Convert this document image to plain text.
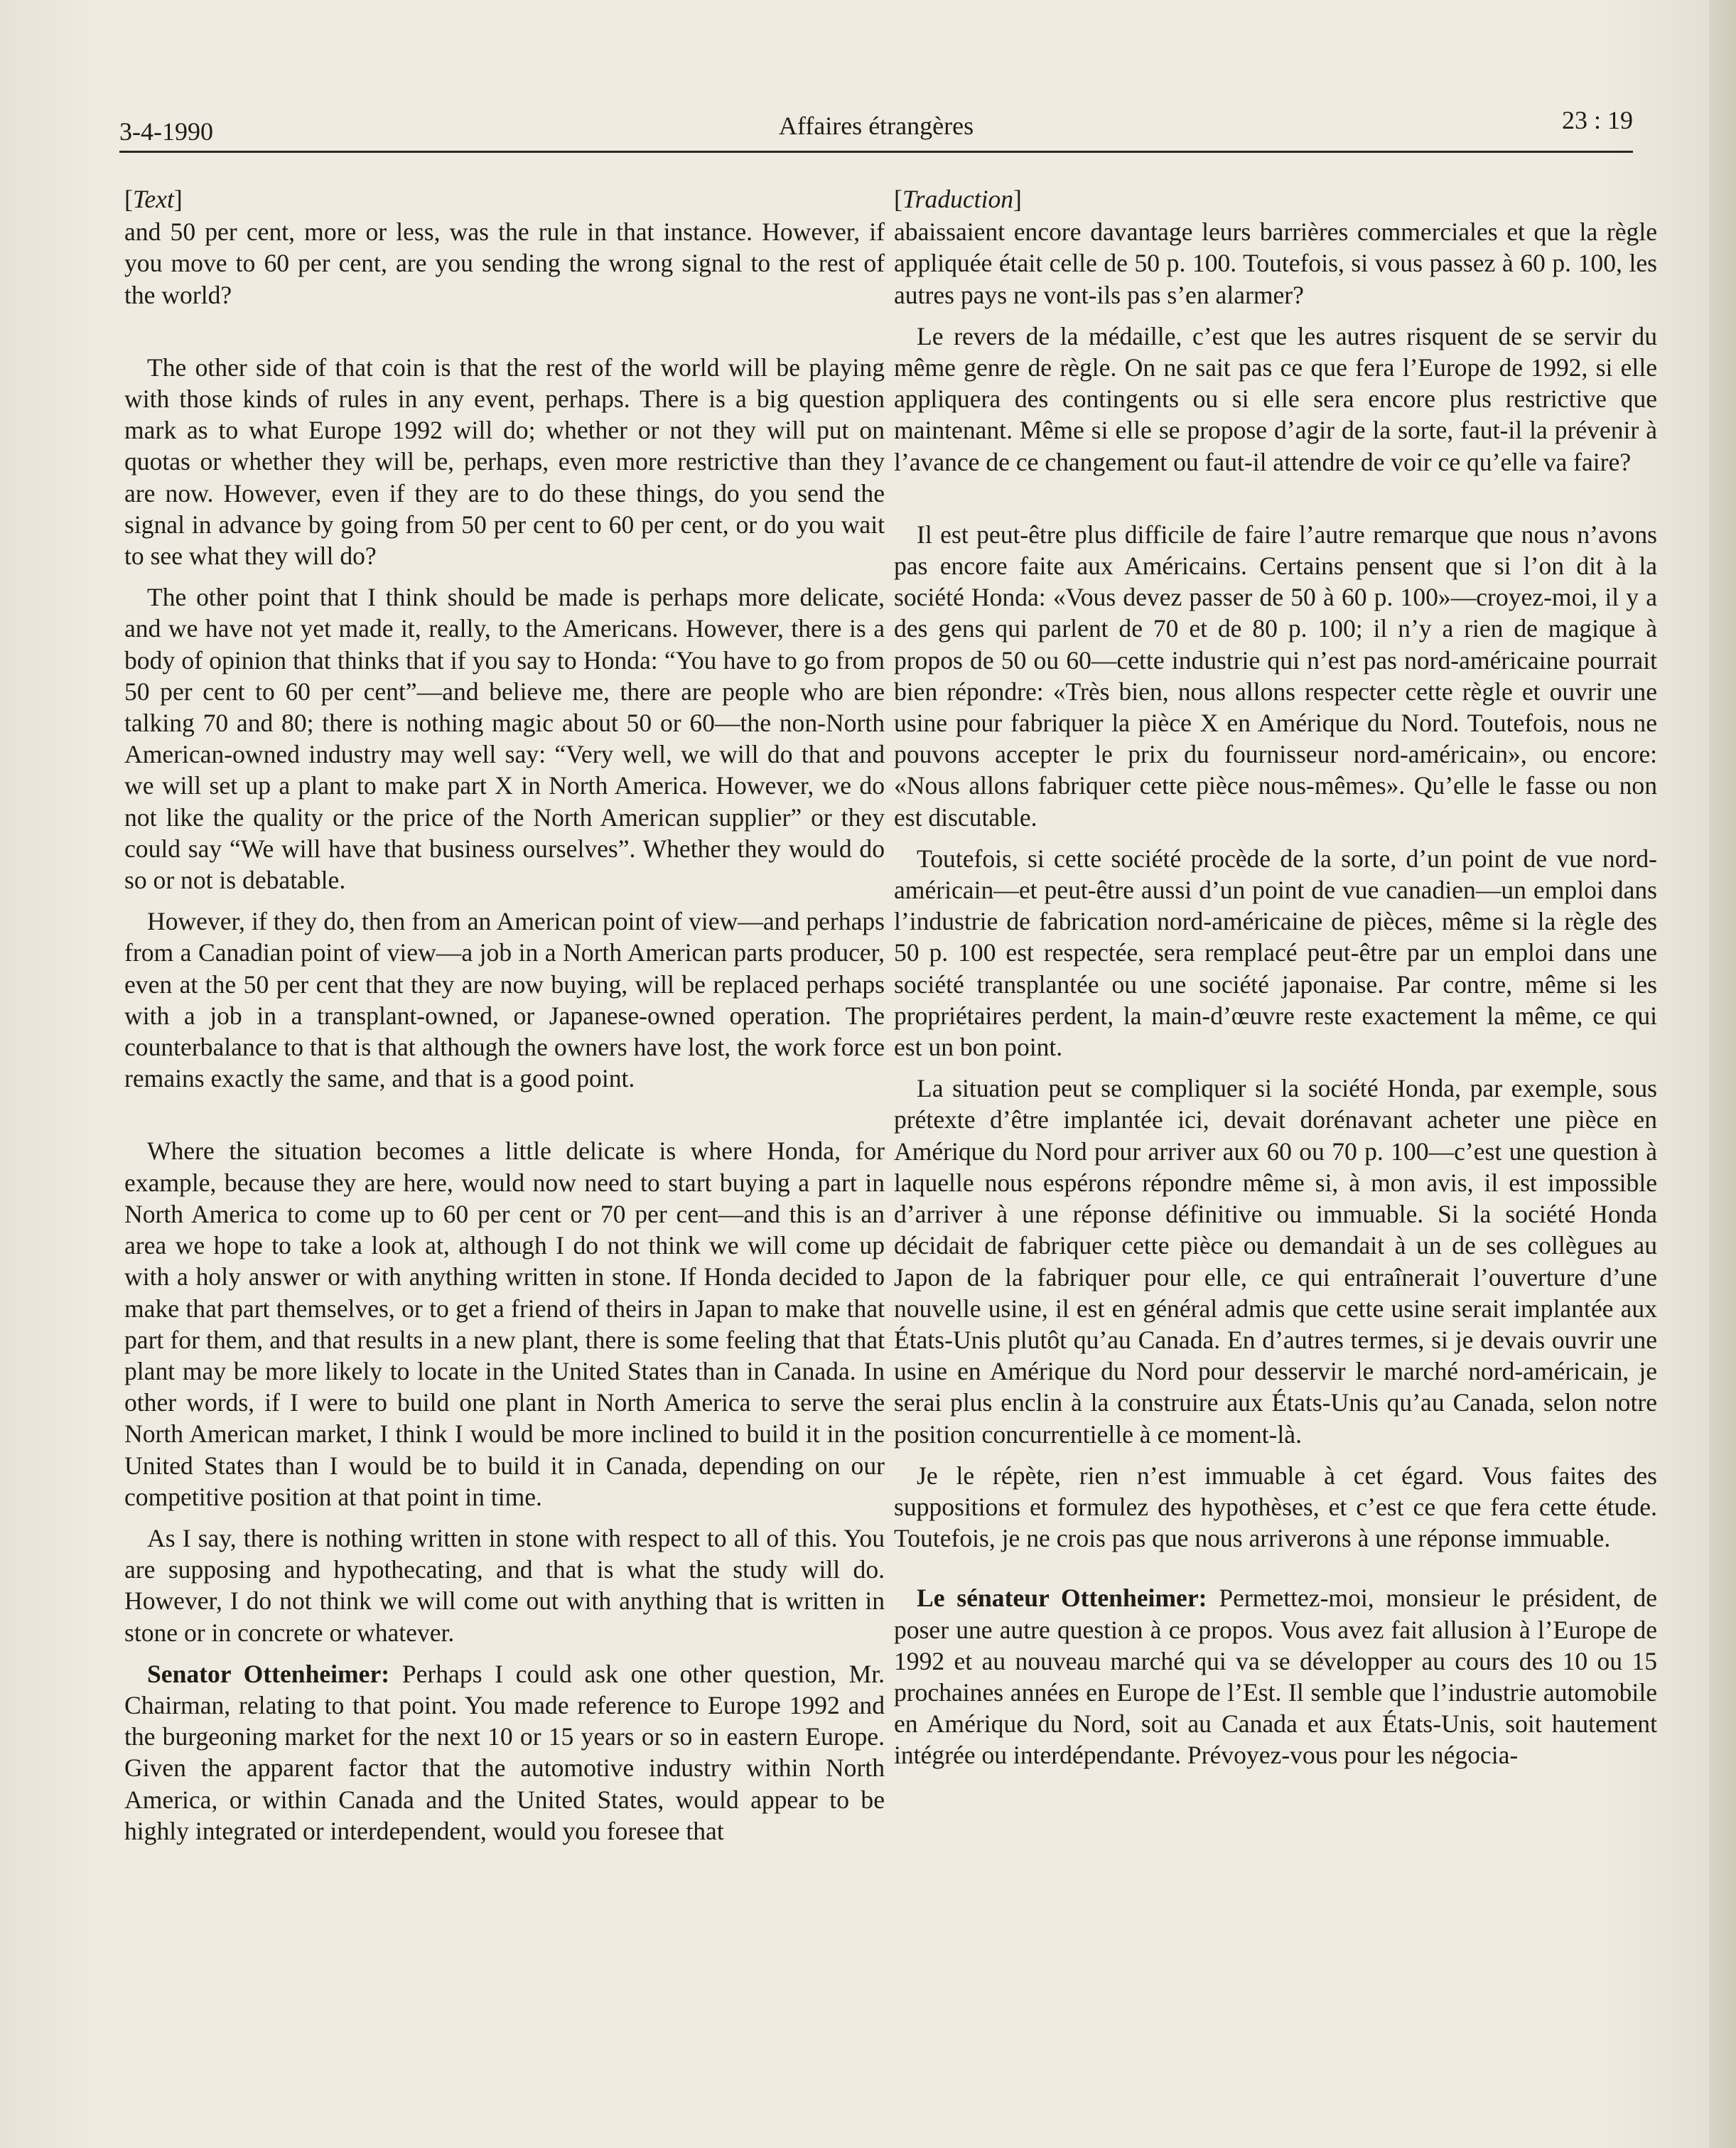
3-4-1990	Affaires étrangères	23 : 19
[Text]

and 50 per cent, more or less, was the rule in that instance. However, if you move to 60 per cent, are you sending the wrong signal to the rest of the world?

The other side of that coin is that the rest of the world will be playing with those kinds of rules in any event, perhaps. There is a big question mark as to what Europe 1992 will do; whether or not they will put on quotas or whether they will be, perhaps, even more restrictive than they are now. However, even if they are to do these things, do you send the signal in advance by going from 50 per cent to 60 per cent, or do you wait to see what they will do?

The other point that I think should be made is perhaps more delicate, and we have not yet made it, really, to the Americans. However, there is a body of opinion that thinks that if you say to Honda: “You have to go from 50 per cent to 60 per cent”—and believe me, there are people who are talking 70 and 80; there is nothing magic about 50 or 60—the non-North American-owned industry may well say: “Very well, we will do that and we will set up a plant to make part X in North America. However, we do not like the quality or the price of the North American supplier” or they could say “We will have that business ourselves”. Whether they would do so or not is debatable.

However, if they do, then from an American point of view—and perhaps from a Canadian point of view—a job in a North American parts producer, even at the 50 per cent that they are now buying, will be replaced perhaps with a job in a transplant-owned, or Japanese-owned operation. The counterbalance to that is that although the owners have lost, the work force remains exactly the same, and that is a good point.

Where the situation becomes a little delicate is where Honda, for example, because they are here, would now need to start buying a part in North America to come up to 60 per cent or 70 per cent—and this is an area we hope to take a look at, although I do not think we will come up with a holy answer or with anything written in stone. If Honda decided to make that part themselves, or to get a friend of theirs in Japan to make that part for them, and that results in a new plant, there is some feeling that that plant may be more likely to locate in the United States than in Canada. In other words, if I were to build one plant in North America to serve the North American market, I think I would be more inclined to build it in the United States than I would be to build it in Canada, depending on our competitive position at that point in time.

As I say, there is nothing written in stone with respect to all of this. You are supposing and hypothecating, and that is what the study will do. However, I do not think we will come out with anything that is written in stone or in concrete or whatever.

Senator Ottenheimer: Perhaps I could ask one other question, Mr. Chairman, relating to that point. You made reference to Europe 1992 and the burgeoning market for the next 10 or 15 years or so in eastern Europe. Given the apparent factor that the automotive industry within North America, or within Canada and the United States, would appear to be highly integrated or interdependent, would you foresee that

[Traduction]

abaissaient encore davantage leurs barrières commerciales et que la règle appliquée était celle de 50 p. 100. Toutefois, si vous passez à 60 p. 100, les autres pays ne vont-ils pas s’en alarmer?

Le revers de la médaille, c’est que les autres risquent de se servir du même genre de règle. On ne sait pas ce que fera l’Europe de 1992, si elle appliquera des contingents ou si elle sera encore plus restrictive que maintenant. Même si elle se propose d’agir de la sorte, faut-il la prévenir à l’avance de ce changement ou faut-il attendre de voir ce qu’elle va faire?

Il est peut-être plus difficile de faire l’autre remarque que nous n’avons pas encore faite aux Américains. Certains pensent que si l’on dit à la société Honda: «Vous devez passer de 50 à 60 p. 100»—croyez-moi, il y a des gens qui parlent de 70 et de 80 p. 100; il n’y a rien de magique à propos de 50 ou 60—cette industrie qui n’est pas nord-américaine pourrait bien répondre: «Très bien, nous allons respecter cette règle et ouvrir une usine pour fabriquer la pièce X en Amérique du Nord. Toutefois, nous ne pouvons accepter le prix du fournisseur nord-américain», ou encore: «Nous allons fabriquer cette pièce nous-mêmes». Qu’elle le fasse ou non est discutable.

Toutefois, si cette société procède de la sorte, d’un point de vue nord-américain—et peut-être aussi d’un point de vue canadien—un emploi dans l’industrie de fabrication nord-américaine de pièces, même si la règle des 50 p. 100 est respectée, sera remplacé peut-être par un emploi dans une société transplantée ou une société japonaise. Par contre, même si les propriétaires perdent, la main-d’œuvre reste exactement la même, ce qui est un bon point.

La situation peut se compliquer si la société Honda, par exemple, sous prétexte d’être implantée ici, devait dorénavant acheter une pièce en Amérique du Nord pour arriver aux 60 ou 70 p. 100—c’est une question à laquelle nous espérons répondre même si, à mon avis, il est impossible d’arriver à une réponse définitive ou immuable. Si la société Honda décidait de fabriquer cette pièce ou demandait à un de ses collègues au Japon de la fabriquer pour elle, ce qui entraînerait l’ouverture d’une nouvelle usine, il est en général admis que cette usine serait implantée aux États-Unis plutôt qu’au Canada. En d’autres termes, si je devais ouvrir une usine en Amérique du Nord pour desservir le marché nord-américain, je serai plus enclin à la construire aux États-Unis qu’au Canada, selon notre position concurrentielle à ce moment-là.

Je le répète, rien n’est immuable à cet égard. Vous faites des suppositions et formulez des hypothèses, et c’est ce que fera cette étude. Toutefois, je ne crois pas que nous arriverons à une réponse immuable.

Le sénateur Ottenheimer: Permettez-moi, monsieur le président, de poser une autre question à ce propos. Vous avez fait allusion à l’Europe de 1992 et au nouveau marché qui va se développer au cours des 10 ou 15 prochaines années en Europe de l’Est. Il semble que l’industrie automobile en Amérique du Nord, soit au Canada et aux États-Unis, soit hautement intégrée ou interdépendante. Prévoyez-vous pour les négocia-
